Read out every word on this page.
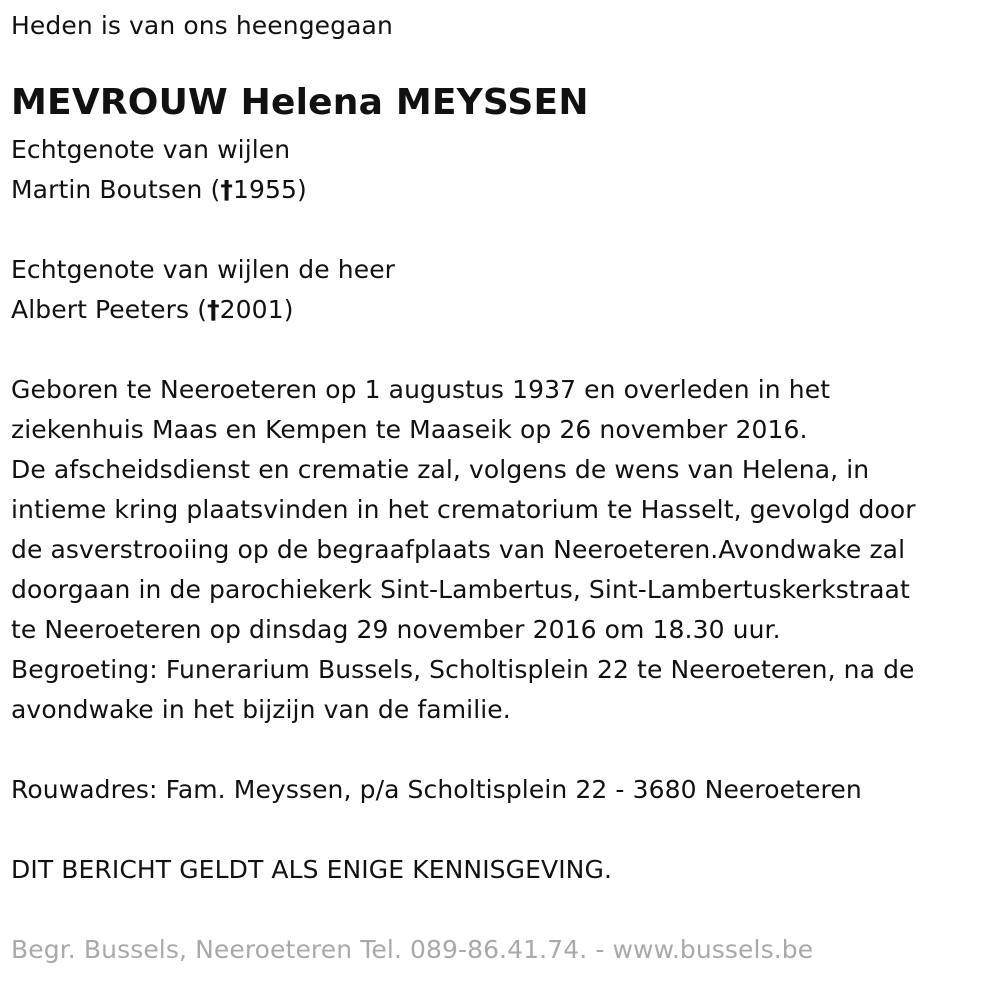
Heden is van ons heengegaan
MEVROUW Helena MEYSSEN
Echtgenote van wijlen
Martin Boutsen (†1955)
Echtgenote van wijlen de heer
Albert Peeters (†2001)
Geboren te Neeroeteren op 1 augustus 1937 en overleden in het
ziekenhuis Maas en Kempen te Maaseik op 26 november 2016.
De afscheidsdienst en crematie zal, volgens de wens van Helena, in
intieme kring plaatsvinden in het crematorium te Hasselt, gevolgd door
de asverstrooiing op de begraafplaats van Neeroeteren.Avondwake zal
doorgaan in de parochiekerk Sint-Lambertus, Sint-Lambertuskerkstraat
te Neeroeteren op dinsdag 29 november 2016 om 18.30 uur.
Begroeting: Funerarium Bussels, Scholtisplein 22 te Neeroeteren, na de
avondwake in het bijzijn van de familie.
Rouwadres: Fam. Meyssen, p/a Scholtisplein 22 - 3680 Neeroeteren
DIT BERICHT GELDT ALS ENIGE KENNISGEVING.
Begr. Bussels, Neeroeteren Tel. 089-86.41.74. - www.bussels.be
